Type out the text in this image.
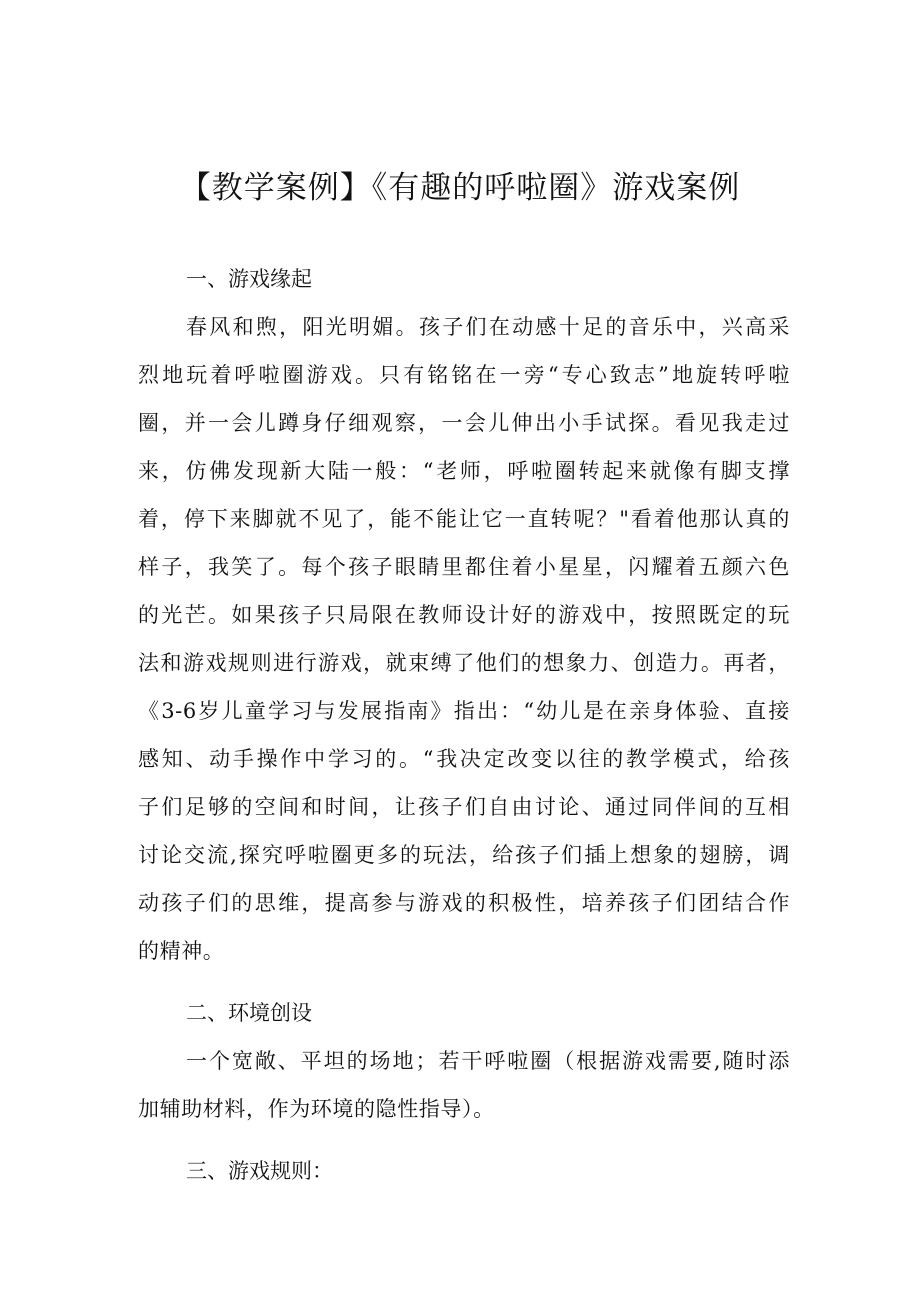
【教学案例】《有趣的呼啦圈》游戏案例
一、游戏缘起
春风和煦，阳光明媚。孩子们在动感十足的音乐中，兴高采
烈地玩着呼啦圈游戏。只有铭铭在一旁“专心致志”地旋转呼啦
圈，并一会儿蹲身仔细观察，一会儿伸出小手试探。看见我走过
来，仿佛发现新大陆一般：“老师，呼啦圈转起来就像有脚支撑
着，停下来脚就不见了，能不能让它一直转呢？"看着他那认真的
样子，我笑了。每个孩子眼睛里都住着小星星，闪耀着五颜六色
的光芒。如果孩子只局限在教师设计好的游戏中，按照既定的玩
法和游戏规则进行游戏，就束缚了他们的想象力、创造力。再者，
《3-6岁儿童学习与发展指南》指出：“幼儿是在亲身体验、直接
感知、动手操作中学习的。“我决定改变以往的教学模式，给孩
子们足够的空间和时间，让孩子们自由讨论、通过同伴间的互相
讨论交流,探究呼啦圈更多的玩法，给孩子们插上想象的翅膀，调
动孩子们的思维，提高参与游戏的积极性，培养孩子们团结合作
的精神。
二、环境创设
一个宽敞、平坦的场地；若干呼啦圈（根据游戏需要,随时添
加辅助材料，作为环境的隐性指导）。
三、游戏规则：
